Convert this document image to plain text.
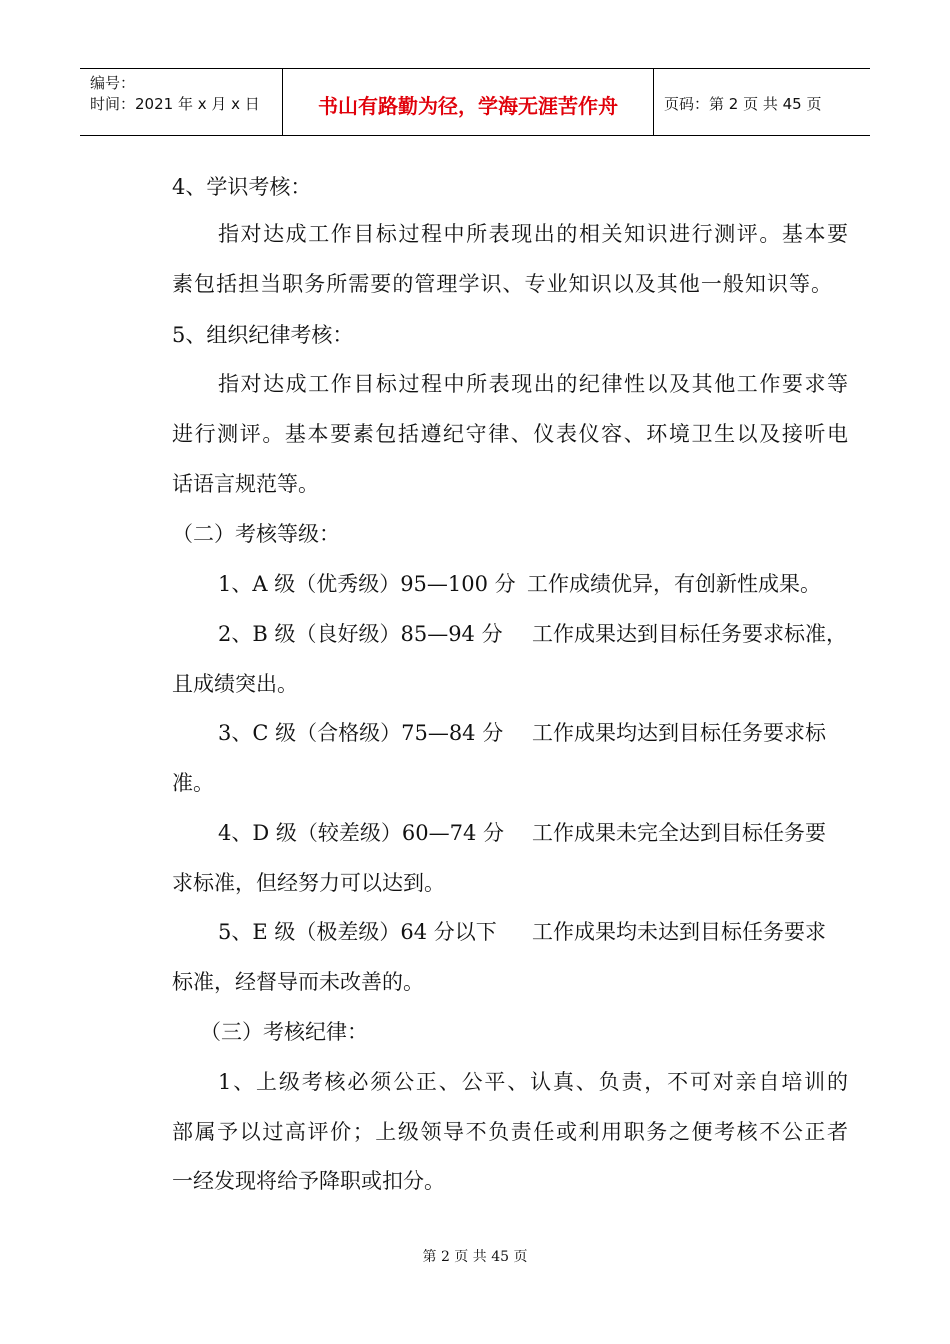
编号：
时间：2021 年 x 月 x 日	书山有路勤为径，学海无涯苦作舟	页码：第 2 页 共 45 页
4、学识考核：
指对达成工作目标过程中所表现出的相关知识进行测评。基本要
素包括担当职务所需要的管理学识、专业知识以及其他一般知识等。
5、组织纪律考核：
指对达成工作目标过程中所表现出的纪律性以及其他工作要求等
进行测评。基本要素包括遵纪守律、仪表仪容、环境卫生以及接听电
话语言规范等。
（二）考核等级：
1、A 级（优秀级）95—100 分 工作成绩优异，有创新性成果。
2、B 级（良好级）85—94 分 工作成果达到目标任务要求标准，
且成绩突出。
3、C 级（合格级）75—84 分 工作成果均达到目标任务要求标
准。
4、D 级（较差级）60—74 分 工作成果未完全达到目标任务要
求标准，但经努力可以达到。
5、E 级（极差级）64 分以下 工作成果均未达到目标任务要求
标准，经督导而未改善的。
（三）考核纪律：
1、上级考核必须公正、公平、认真、负责，不可对亲自培训的
部属予以过高评价；上级领导不负责任或利用职务之便考核不公正者
一经发现将给予降职或扣分。
第 2 页 共 45 页
